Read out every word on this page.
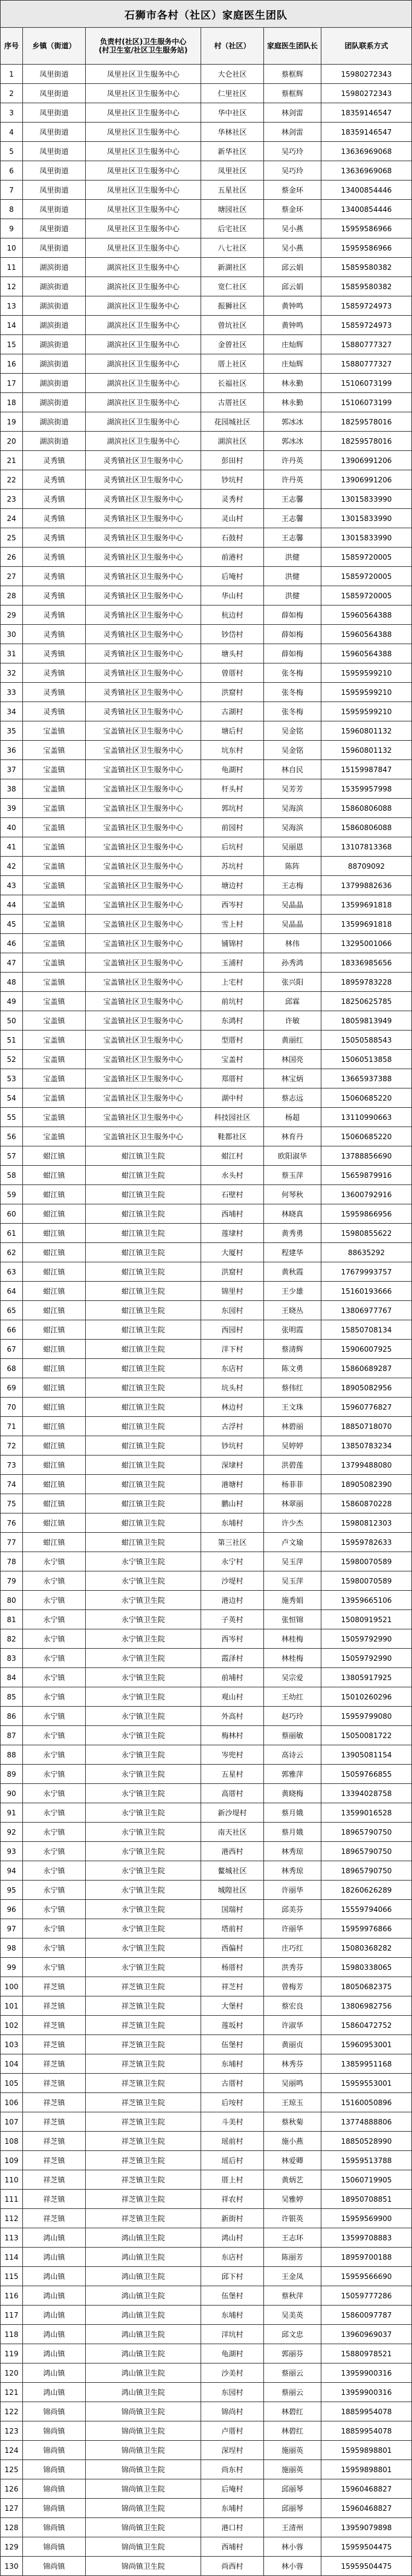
石狮市各村（社区）家庭医生团队
序号 乡镇（街道）	负责村(社区)卫生服务中心
(村卫生室/社区卫生服务站)	村（社区） 家庭医生团队长	团队联系方式
1	凤里街道	凤里社区卫生服务中心	大仑社区	蔡框辉	15980272343
2	凤里街道	凤里社区卫生服务中心	仁里社区	蔡框辉	15980272343
3	凤里街道	凤里社区卫生服务中心	华中社区	林剑雷	18359146547
4	凤里街道	凤里社区卫生服务中心	华林社区	林剑雷	18359146547
5	凤里街道	凤里社区卫生服务中心	新华社区	吴巧玲	13636969068
6	凤里街道	凤里社区卫生服务中心	凤里社区	吴巧玲	13636969068
7	凤里街道	凤里社区卫生服务中心	五星社区	蔡金环	13400854446
8	凤里街道	凤里社区卫生服务中心	塘园社区	蔡金环	13400854446
9	凤里街道	凤里社区卫生服务中心	后宅社区	吴小燕	15959586966
10	凤里街道	凤里社区卫生服务中心	八七社区	吴小燕	15959586966
11	湖滨街道	湖滨社区卫生服务中心	新湖社区	邱云娟	15859580382
12	湖滨街道	湖滨社区卫生服务中心	宽仁社区	邱云娟	15859580382
13	湖滨街道	湖滨社区卫生服务中心	振狮社区	黄钟鸣	15859724973
14	湖滨街道	湖滨社区卫生服务中心	曾坑社区	黄钟鸣	15859724973
15	湖滨街道	湖滨社区卫生服务中心	金曾社区	庄灿辉	15880777327
16	湖滨街道	湖滨社区卫生服务中心	厝上社区	庄灿辉	15880777327
17	湖滨街道	湖滨社区卫生服务中心	长福社区	林永勤	15106073199
18	湖滨街道	湖滨社区卫生服务中心	古厝社区	林永勤	15106073199
19	湖滨街道	湖滨社区卫生服务中心	花园城社区	郭冰冰	18259578016
20	湖滨街道	湖滨社区卫生服务中心	湖滨社区	郭冰冰	18259578016
21	灵秀镇	灵秀镇社区卫生服务中心	彭田村	许丹英	13906991206
22	灵秀镇	灵秀镇社区卫生服务中心	钞坑村	许丹英	13906991206
23	灵秀镇	灵秀镇社区卫生服务中心	灵秀村	王志馨	13015833990
24	灵秀镇	灵秀镇社区卫生服务中心	灵山村	王志馨	13015833990
25	灵秀镇	灵秀镇社区卫生服务中心	石鼓村	王志馨	13015833990
26	灵秀镇	灵秀镇社区卫生服务中心	前港村	洪健	15859720005
27	灵秀镇	灵秀镇社区卫生服务中心	后埯村	洪健	15859720005
28	灵秀镇	灵秀镇社区卫生服务中心	华山村	洪健	15859720005
29	灵秀镇	灵秀镇社区卫生服务中心	杭边村	薛如梅	15960564388
30	灵秀镇	灵秀镇社区卫生服务中心	钞岱村	薛如梅	15960564388
31	灵秀镇	灵秀镇社区卫生服务中心	塘头村	薛如梅	15960564388
32	灵秀镇	灵秀镇社区卫生服务中心	曾厝村	张冬梅	15959599210
33	灵秀镇	灵秀镇社区卫生服务中心	洪窟村	张冬梅	15959599210
34	灵秀镇	灵秀镇社区卫生服务中心	古湖村	张冬梅	15959599210
35	宝盖镇	宝盖镇社区卫生服务中心	塘后村	吴金铭	15960801132
36	宝盖镇	宝盖镇社区卫生服务中心	坑东村	吴金铭	15960801132
37	宝盖镇	宝盖镇社区卫生服务中心	龟湖村	林自民	15159987847
38	宝盖镇	宝盖镇社区卫生服务中心	杆头村	吴芳芳	15359957998
39	宝盖镇	宝盖镇社区卫生服务中心	郭坑村	吴海滨	15860806088
40	宝盖镇	宝盖镇社区卫生服务中心	前园村	吴海滨	15860806088
41	宝盖镇	宝盖镇社区卫生服务中心	后坑村	吴丽恩	13107813368
42	宝盖镇	宝盖镇社区卫生服务中心	苏坑村	陈阵	88709092
43	宝盖镇	宝盖镇社区卫生服务中心	塘边村	王志梅	13799882636
44	宝盖镇	宝盖镇社区卫生服务中心	西岑村	吴晶晶	13599691818
45	宝盖镇	宝盖镇社区卫生服务中心	雪上村	吴晶晶	13599691818
46	宝盖镇	宝盖镇社区卫生服务中心	铺锦村	林伟	13295001066
47	宝盖镇	宝盖镇社区卫生服务中心	玉浦村	孙秀鸿	18336985656
48	宝盖镇	宝盖镇社区卫生服务中心	上宅村	张兴阳	18959783228
49	宝盖镇	宝盖镇社区卫生服务中心	前坑村	邱霖	18250625785
50	宝盖镇	宝盖镇社区卫生服务中心	东鸿村	许敏	18059813949
51	宝盖镇	宝盖镇社区卫生服务中心	型厝村	黄丽红	15050588543
52	宝盖镇	宝盖镇社区卫生服务中心	宝盖村	林国亮	15060513858
53	宝盖镇	宝盖镇社区卫生服务中心	郑厝村	林宝炳	13665937388
54	宝盖镇	宝盖镇社区卫生服务中心	湖中村	蔡志远	15060685220
55	宝盖镇	宝盖镇社区卫生服务中心	科技园社区	杨超	13110990663
56	宝盖镇	宝盖镇社区卫生服务中心	鞋都社区	林育丹	15060685220
57	蚶江镇	蚶江镇卫生院	蚶江村	欧阳淑华	13788856690
58	蚶江镇	蚶江镇卫生院	水头村	蔡玉萍	15659879916
59	蚶江镇	蚶江镇卫生院	石壁村	何琴秋	13600792916
60	蚶江镇	蚶江镇卫生院	西埔村	林晓真	15959866956
61	蚶江镇	蚶江镇卫生院	莲埭村	黄秀勇	15980855622
62	蚶江镇	蚶江镇卫生院	大厦村	程建华	88635292
63	蚶江镇	蚶江镇卫生院	洪窟村	黄秋霞	17679993757
64	蚶江镇	蚶江镇卫生院	锦里村	王少雄	15160193666
65	蚶江镇	蚶江镇卫生院	东园村	王晓丛	13806977767
66	蚶江镇	蚶江镇卫生院	西园村	张明霞	15850708134
67	蚶江镇	蚶江镇卫生院	洋下村	蔡清辉	15906007925
68	蚶江镇	蚶江镇卫生院	东店村	陈文勇	15860689287
69	蚶江镇	蚶江镇卫生院	坑头村	蔡伟红	18905082956
70	蚶江镇	蚶江镇卫生院	林边村	王文珠	15960776827
71	蚶江镇	蚶江镇卫生院	古浮村	林碧丽	18850718070
72	蚶江镇	蚶江镇卫生院	钞坑村	吴婷婷	13850783234
73	蚶江镇	蚶江镇卫生院	深埭村	洪碧莲	13799488080
74	蚶江镇	蚶江镇卫生院	港塘村	杨菲菲	18905082390
75	蚶江镇	蚶江镇卫生院	鹏山村	林翠丽	15860870228
76	蚶江镇	蚶江镇卫生院	东埔村	许少杰	15980812303
77	蚶江镇	蚶江镇卫生院	第三社区	卢文瑜	15959782633
78	永宁镇	永宁镇卫生院	永宁村	吴玉萍	15980070589
79	永宁镇	永宁镇卫生院	沙堤村	吴玉萍	15980070589
80	永宁镇	永宁镇卫生院	港边村	施秀娟	13959665106
81	永宁镇	永宁镇卫生院	子英村	张恒锦	15080919521
82	永宁镇	永宁镇卫生院	西岑村	林桂梅	15059792990
83	永宁镇	永宁镇卫生院	霞泽村	林桂梅	15059792990
84	永宁镇	永宁镇卫生院	前埔村	吴宗爱	13805917925
85	永宁镇	永宁镇卫生院	观山村	王幼红	15010260296
86	永宁镇	永宁镇卫生院	外高村	赵巧玲	15959799080
87	永宁镇	永宁镇卫生院	梅林村	蔡丽敏	15050081722
88	永宁镇	永宁镇卫生院	岑兜村	高诗云	13905081154
89	永宁镇	永宁镇卫生院	五星村	郭雅萍	15059766855
90	永宁镇	永宁镇卫生院	高厝村	黄晓梅	13394028758
91	永宁镇	永宁镇卫生院	新沙堤村	蔡月娥	13599016528
92	永宁镇	永宁镇卫生院	南天社区	蔡月娥	18965790750
93	永宁镇	永宁镇卫生院	港西村	林秀琼	18965790750
94	永宁镇	永宁镇卫生院	鳌城社区	林秀琼	18965790750
95	永宁镇	永宁镇卫生院	城隍社区	许丽华	18260626289
96	永宁镇	永宁镇卫生院	国瑞村	邱美芬	15559794066
97	永宁镇	永宁镇卫生院	塔前村	许丽华	15959976866
98	永宁镇	永宁镇卫生院	西偏村	庄巧红	15080368282
99	永宁镇	永宁镇卫生院	杨厝村	洪秀芬	15980338065
100	祥芝镇	祥芝镇卫生院	祥芝村	曾梅芳	18050682375
101	祥芝镇	祥芝镇卫生院	大堡村	蔡宏良	13806982756
102	祥芝镇	祥芝镇卫生院	莲坂村	许淑华	15860472752
103	祥芝镇	祥芝镇卫生院	伍堡村	黄丽贞	15960953001
104	祥芝镇	祥芝镇卫生院	东埔村	林秀芬	13859951168
105	祥芝镇	祥芝镇卫生院	古厝村	吴丽鸣	15959553001
106	祥芝镇	祥芝镇卫生院	后垵村	王琼玉	15160050896
107	祥芝镇	祥芝镇卫生院	斗美村	蔡秋菊	13774888806
108	祥芝镇	祥芝镇卫生院	瑶前村	施小燕	18850528990
109	祥芝镇	祥芝镇卫生院	瑶后村	林爱卿	15959513788
110	祥芝镇	祥芝镇卫生院	厝上村	黄炳艺	15060719905
111	祥芝镇	祥芝镇卫生院	祥农村	吴雅婷	18950708851
112	祥芝镇	祥芝镇卫生院	新街村	许银英	15959569900
113	鸿山镇	鸿山镇卫生院	鸿山村	王志环	13599708883
114	鸿山镇	鸿山镇卫生院	东店村	陈丽芳	18959700188
115	鸿山镇	鸿山镇卫生院	邱下村	王金凤	15959566690
116	鸿山镇	鸿山镇卫生院	伍堡村	蔡秋萍	15059777286
117	鸿山镇	鸿山镇卫生院	东埔村	吴美英	15860097787
118	鸿山镇	鸿山镇卫生院	洋坑村	邱文忠	13960969037
119	鸿山镇	鸿山镇卫生院	龟湖村	郭丽芬	15880978521
120	鸿山镇	鸿山镇卫生院	沙美村	蔡丽云	13959900316
121	鸿山镇	鸿山镇卫生院	东园村	蔡丽云	13959900316
122	锦尚镇	锦尚镇卫生院	锦尚村	林碧红	18859954078
123	锦尚镇	锦尚镇卫生院	卢厝村	林碧红	18859954078
124	锦尚镇	锦尚镇卫生院	深埕村	施丽英	15959898801
125	锦尚镇	锦尚镇卫生院	尚东村	施丽英	15959898801
126	锦尚镇	锦尚镇卫生院	后埯村	邱丽琴	15960468827
127	锦尚镇	锦尚镇卫生院	东埔村	邱丽琴	15960468827
128	锦尚镇	锦尚镇卫生院	港口村	王清州	13959079898
129	锦尚镇	锦尚镇卫生院	西埔村	林小蓉	15959504475
130	锦尚镇	锦尚镇卫生院	尚西村	林小蓉	15959504475
